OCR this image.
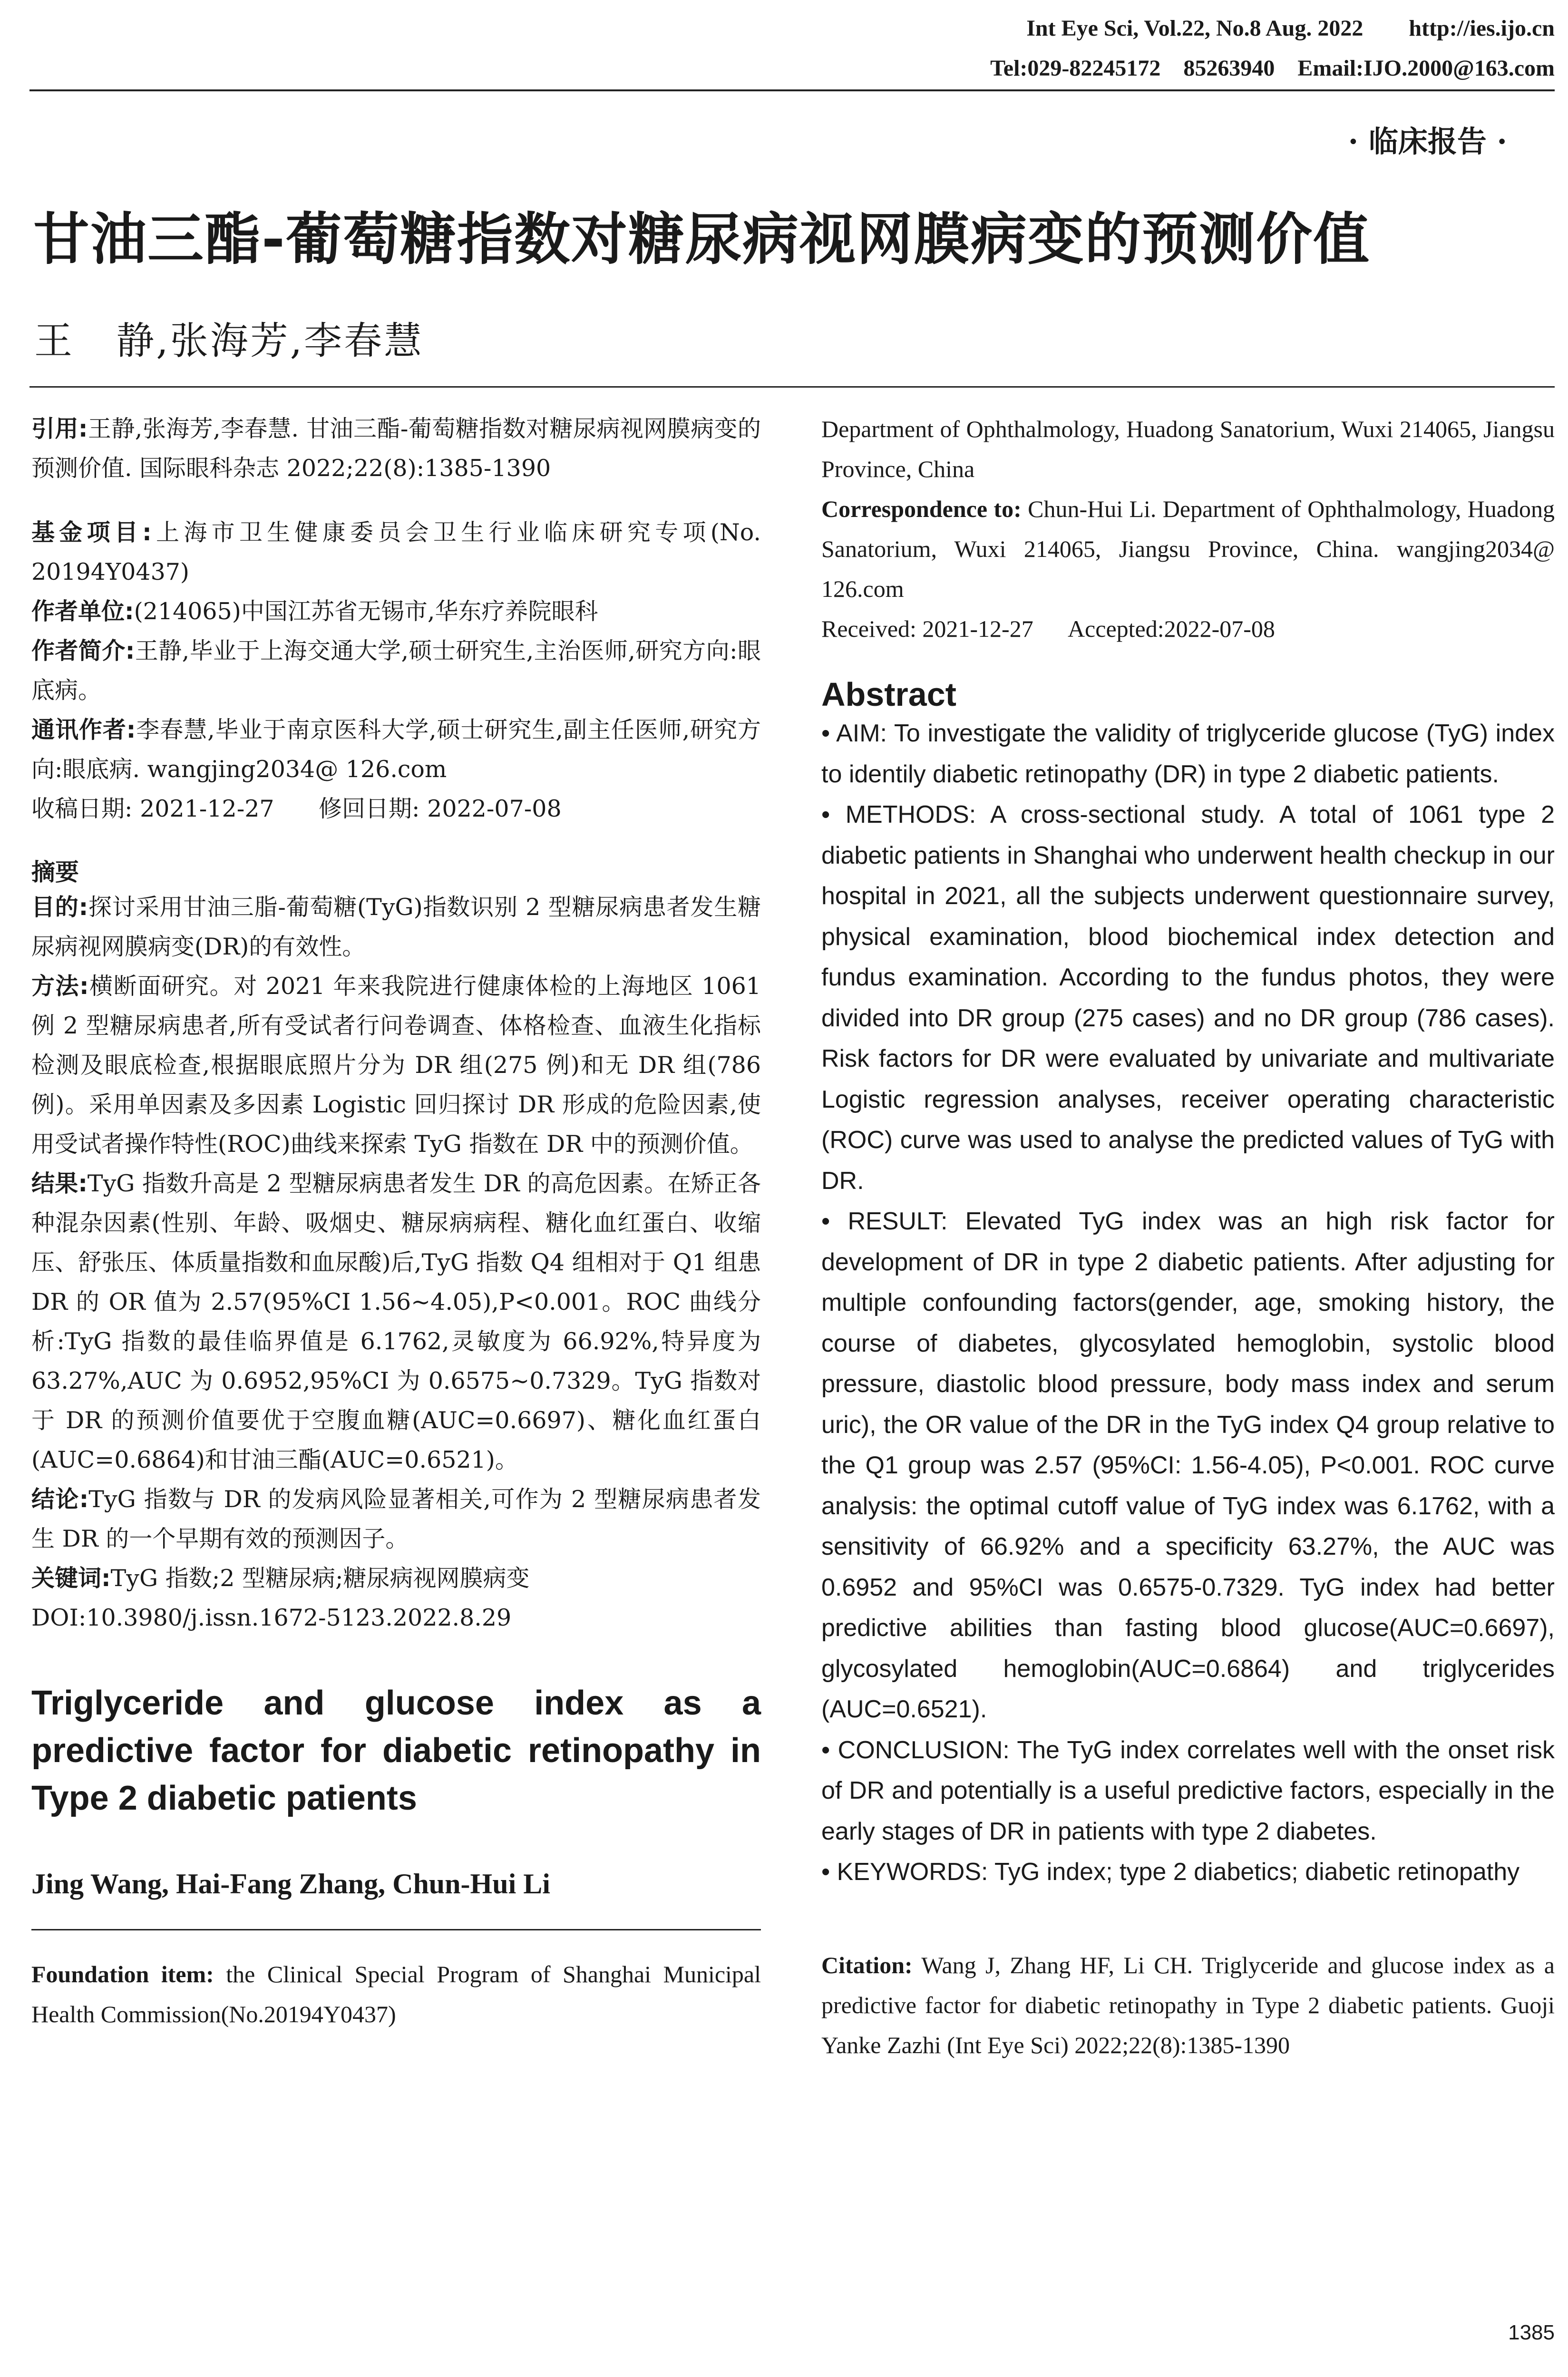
Int Eye Sci, Vol.22, No.8 Aug. 2022        http://ies.ijo.cn
Tel:029-82245172    85263940    Email:IJO.2000@163.com
· 临床报告 ·
甘油三酯-葡萄糖指数对糖尿病视网膜病变的预测价值
王   静,张海芳,李春慧

引用:王静,张海芳,李春慧. 甘油三酯-葡萄糖指数对糖尿病视网膜病变的预测价值. 国际眼科杂志 2022;22(8):1385-1390

基金项目:上海市卫生健康委员会卫生行业临床研究专项(No. 20194Y0437)

作者单位:(214065)中国江苏省无锡市,华东疗养院眼科

作者简介:王静,毕业于上海交通大学,硕士研究生,主治医师,研究方向:眼底病。

通讯作者:李春慧,毕业于南京医科大学,硕士研究生,副主任医师,研究方向:眼底病. wangjing2034@ 126.com

收稿日期: 2021-12-27      修回日期: 2022-07-08

摘要

目的:探讨采用甘油三脂-葡萄糖(TyG)指数识别 2 型糖尿病患者发生糖尿病视网膜病变(DR)的有效性。

方法:横断面研究。对 2021 年来我院进行健康体检的上海地区 1061 例 2 型糖尿病患者,所有受试者行问卷调查、体格检查、血液生化指标检测及眼底检查,根据眼底照片分为 DR 组(275 例)和无 DR 组(786 例)。采用单因素及多因素 Logistic 回归探讨 DR 形成的危险因素,使用受试者操作特性(ROC)曲线来探索 TyG 指数在 DR 中的预测价值。

结果:TyG 指数升高是 2 型糖尿病患者发生 DR 的高危因素。在矫正各种混杂因素(性别、年龄、吸烟史、糖尿病病程、糖化血红蛋白、收缩压、舒张压、体质量指数和血尿酸)后,TyG 指数 Q4 组相对于 Q1 组患 DR 的 OR 值为 2.57(95%CI 1.56~4.05),P<0.001。ROC 曲线分析:TyG 指数的最佳临界值是 6.1762,灵敏度为 66.92%,特异度为 63.27%,AUC 为 0.6952,95%CI 为 0.6575~0.7329。TyG 指数对于 DR 的预测价值要优于空腹血糖(AUC=0.6697)、糖化血红蛋白(AUC=0.6864)和甘油三酯(AUC=0.6521)。

结论:TyG 指数与 DR 的发病风险显著相关,可作为 2 型糖尿病患者发生 DR 的一个早期有效的预测因子。

关键词:TyG 指数;2 型糖尿病;糖尿病视网膜病变

DOI:10.3980/j.issn.1672-5123.2022.8.29

Triglyceride and glucose index as a predictive factor for diabetic retinopathy in Type 2 diabetic patients

Jing Wang, Hai-Fang Zhang, Chun-Hui Li

Foundation item: the Clinical Special Program of Shanghai Municipal Health Commission(No.20194Y0437)

Department of Ophthalmology, Huadong Sanatorium, Wuxi 214065, Jiangsu Province, China

Correspondence to: Chun-Hui Li. Department of Ophthalmology, Huadong Sanatorium, Wuxi 214065, Jiangsu Province, China. wangjing2034@ 126.com

Received: 2021-12-27      Accepted:2022-07-08

Abstract

• AIM: To investigate the validity of triglyceride glucose (TyG) index to identily diabetic retinopathy (DR) in type 2 diabetic patients.

• METHODS: A cross-sectional study. A total of 1061 type 2 diabetic patients in Shanghai who underwent health checkup in our hospital in 2021, all the subjects underwent questionnaire survey, physical examination, blood biochemical index detection and fundus examination. According to the fundus photos, they were divided into DR group (275 cases) and no DR group (786 cases). Risk factors for DR were evaluated by univariate and multivariate Logistic regression analyses, receiver operating characteristic (ROC) curve was used to analyse the predicted values of TyG with DR.

• RESULT: Elevated TyG index was an high risk factor for development of DR in type 2 diabetic patients. After adjusting for multiple confounding factors(gender, age, smoking history, the course of diabetes, glycosylated hemoglobin, systolic blood pressure, diastolic blood pressure, body mass index and serum uric), the OR value of the DR in the TyG index Q4 group relative to the Q1 group was 2.57 (95%CI: 1.56-4.05), P<0.001. ROC curve analysis: the optimal cutoff value of TyG index was 6.1762, with a sensitivity of 66.92% and a specificity 63.27%, the AUC was 0.6952 and 95%CI was 0.6575-0.7329. TyG index had better predictive abilities than fasting blood glucose(AUC=0.6697), glycosylated hemoglobin(AUC=0.6864) and triglycerides (AUC=0.6521).

• CONCLUSION: The TyG index correlates well with the onset risk of DR and potentially is a useful predictive factors, especially in the early stages of DR in patients with type 2 diabetes.

• KEYWORDS: TyG index; type 2 diabetics; diabetic retinopathy

Citation: Wang J, Zhang HF, Li CH. Triglyceride and glucose index as a predictive factor for diabetic retinopathy in Type 2 diabetic patients. Guoji Yanke Zazhi (Int Eye Sci) 2022;22(8):1385-1390

1385
